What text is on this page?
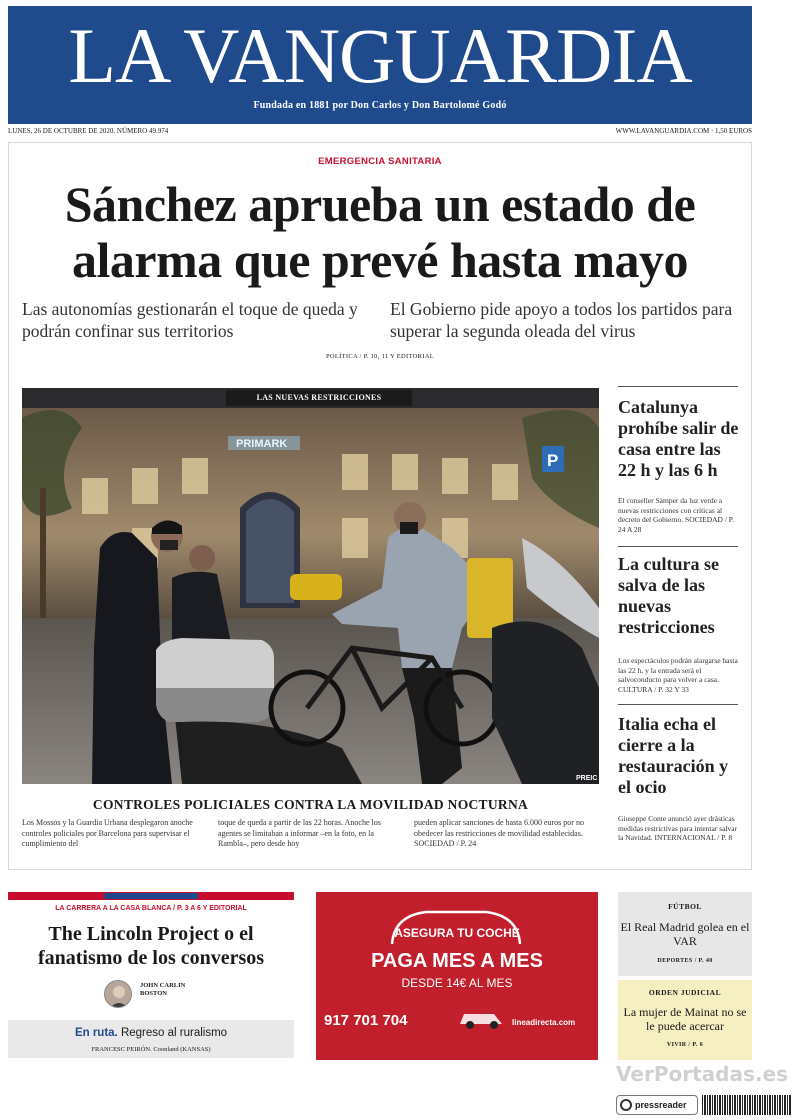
LA VANGUARDIA
Fundada en 1881 por Don Carlos y Don Bartolomé Godó
LUNES, 26 DE OCTUBRE DE 2020. NÚMERO 49.974	WWW.LAVANGUARDIA.COM · 1,50 EUROS
EMERGENCIA SANITARIA
Sánchez aprueba un estado de
alarma que prevé hasta mayo
Las autonomías gestionarán el toque de queda y podrán confinar sus territorios
El Gobierno pide apoyo a todos los partidos para superar la segunda oleada del virus
POLÍTICA / P. 10, 11 Y EDITORIAL
PRIMARK
P
PREIC
LAS NUEVAS RESTRICCIONES
CONTROLES POLICIALES CONTRA LA MOVILIDAD NOCTURNA
Los Mossos y la Guardia Urbana desplegaron anoche controles policiales por Barcelona para supervisar el cumplimiento del
toque de queda a partir de las 22 horas. Anoche los agentes se limitaban a informar –en la foto, en la Rambla–, pero desde hoy
pueden aplicar sanciones de hasta 6.000 euros por no obedecer las restricciones de movilidad establecidas. SOCIEDAD / P. 24
Catalunya prohíbe salir de casa entre las 22 h y las 6 h
El conseller Sàmper da luz verde a nuevas restricciones con críticas al decreto del Gobierno. SOCIEDAD / P. 24 A 28
La cultura se salva de las nuevas restricciones
Los espectáculos podrán alargarse hasta las 22 h, y la entrada será el salvoconducto para volver a casa. CULTURA / P. 32 Y 33
Italia echa el cierre a la restauración y el ocio
Giuseppe Conte anunció ayer drásticas medidas restrictivas para intentar salvar la Navidad. INTERNACIONAL / P. 8
LA CARRERA A LA CASA BLANCA / P. 3 A 6 Y EDITORIAL
The Lincoln Project o el
fanatismo de los conversos
JOHN CARLIN
BOSTON
En ruta. Regreso al ruralismo
FRANCESC PEIRÓN. Coonland (KANSAS)
ASEGURA TU COCHE
PAGA MES A MES
DESDE 14€ AL MES
917 701 704	lineadirecta.com
FÚTBOL
El Real Madrid golea en el VAR
DEPORTES / P. 40
ORDEN JUDICIAL
La mujer de Mainat no se le puede acercar
VIVIR / P. 6
VerPortadas.es
pressreader
